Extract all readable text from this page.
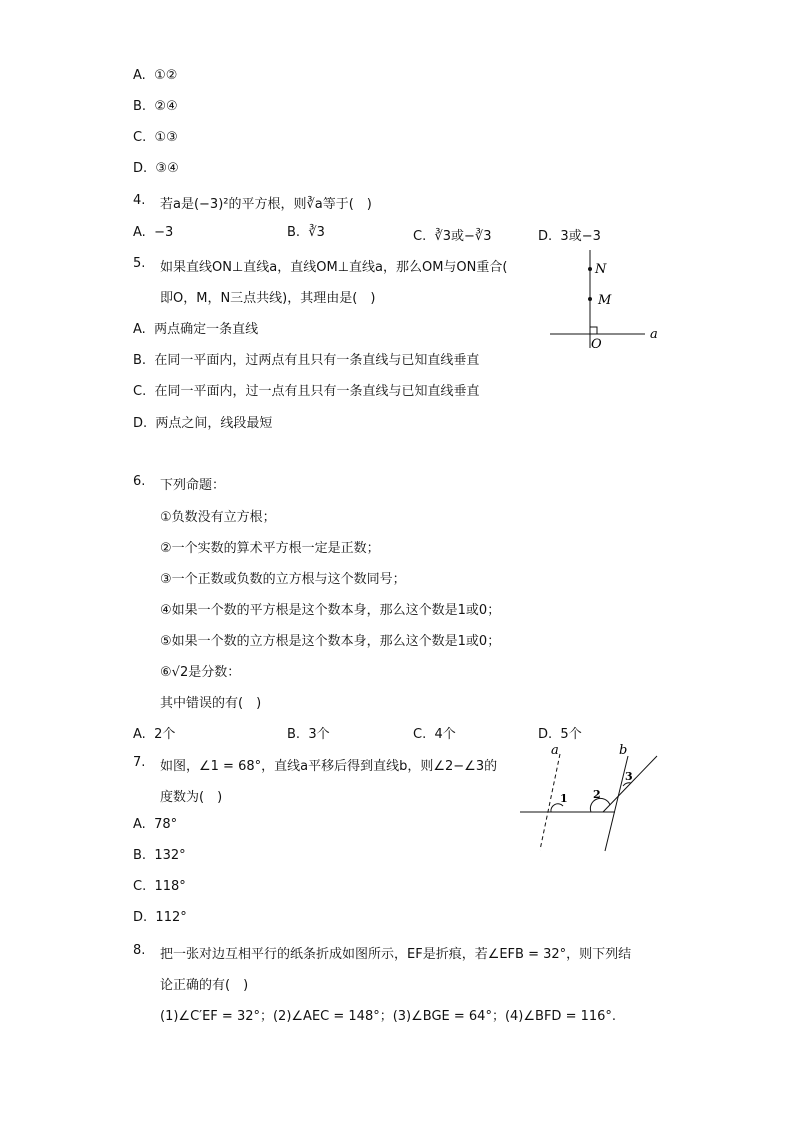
A. ①②
B. ②④
C. ①③
D. ③④
4. 若a是(−3)²的平方根，则∛a等于(　)
A. −3	B. ∛3	C. ∛3或−∛3	D. 3或−3
5. 如果直线ON⊥直线a，直线OM⊥直线a，那么OM与ON重合(
即O，M，N三点共线)，其理由是(　)
A. 两点确定一条直线
B. 在同一平面内，过两点有且只有一条直线与已知直线垂直
C. 在同一平面内，过一点有且只有一条直线与已知直线垂直
D. 两点之间，线段最短
N
M
O
a
6. 下列命题：
①负数没有立方根；
②一个实数的算术平方根一定是正数；
③一个正数或负数的立方根与这个数同号；
④如果一个数的平方根是这个数本身，那么这个数是1或0；
⑤如果一个数的立方根是这个数本身，那么这个数是1或0；
⑥√2是分数：
其中错误的有(　)
A. 2个	B. 3个	C. 4个	D. 5个
7. 如图，∠1 = 68°，直线a平移后得到直线b，则∠2−∠3的
度数为(　)
A. 78°
B. 132°
C. 118°
D. 112°
a	b
1 2
3
8. 把一张对边互相平行的纸条折成如图所示，EF是折痕，若∠EFB = 32°，则下列结
论正确的有(　)
(1)∠C′EF = 32°；(2)∠AEC = 148°；(3)∠BGE = 64°；(4)∠BFD = 116°.
